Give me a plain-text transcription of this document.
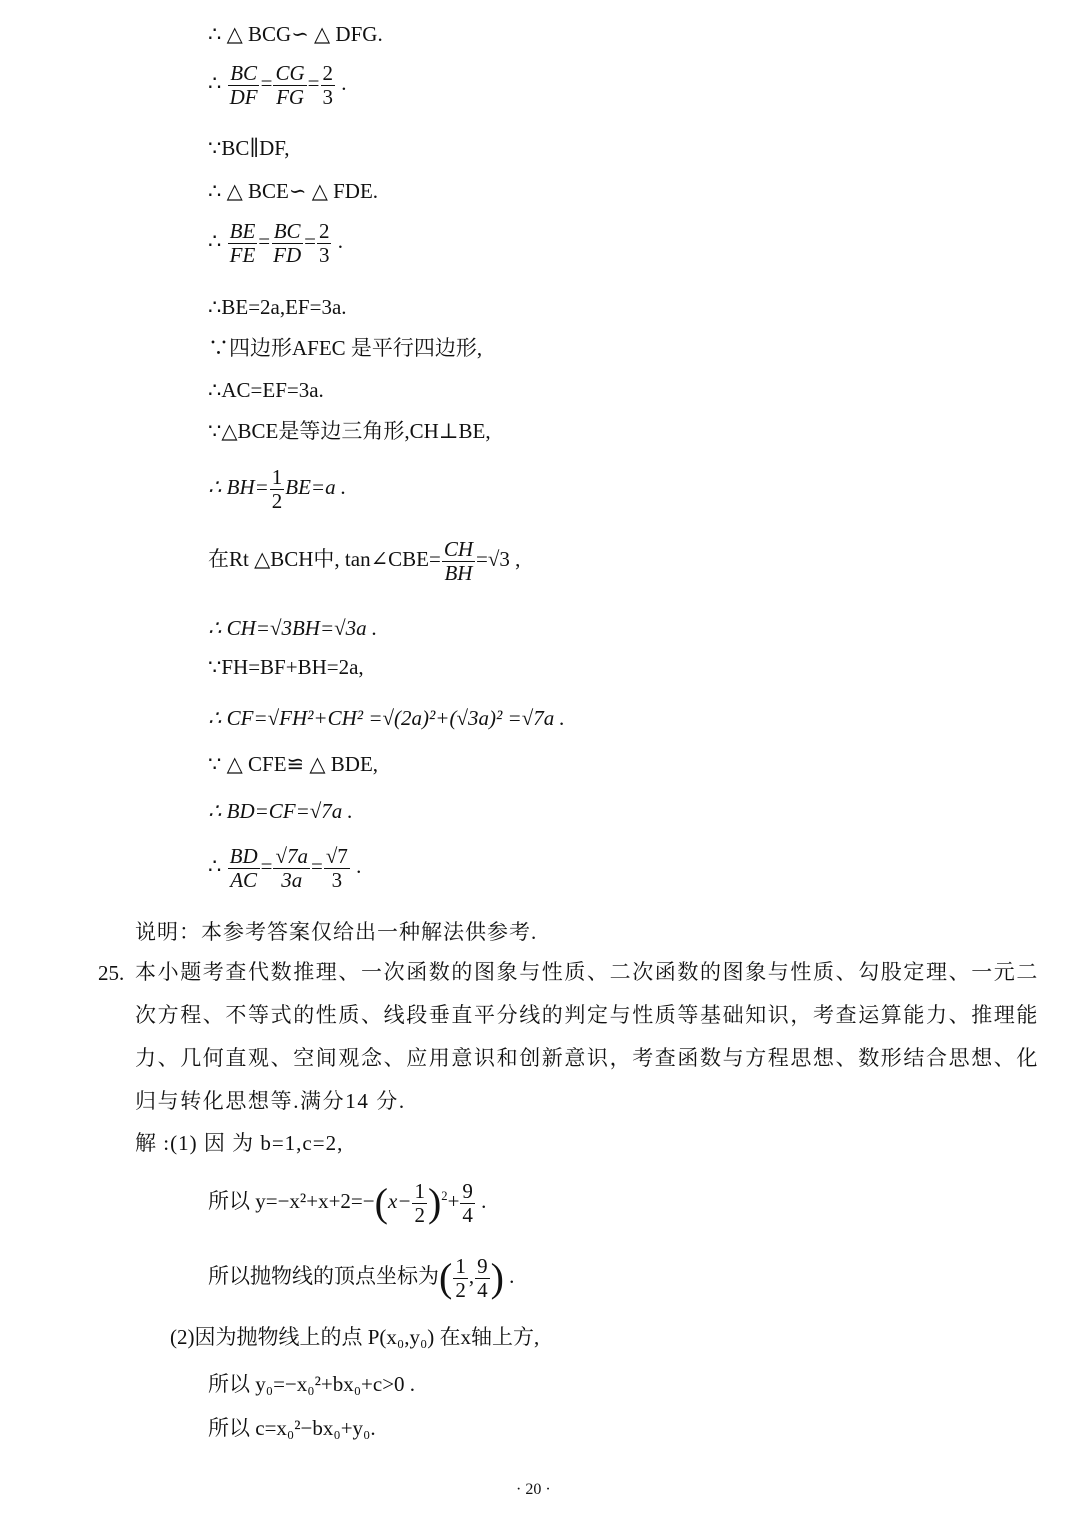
∴ △ BCG∽ △ DFG.
∴ $\frac{BC}{DF} = \frac{CG}{FG} = \frac{2}{3}$ .
∵BC∥DF,
∴ △ BCE∽ △ FDE.
∴ $\frac{BE}{FE} = \frac{BC}{FD} = \frac{2}{3}$ .
∴BE=2a,EF=3a.
∵四边形AFEC 是平行四边形,
∴AC=EF=3a.
∵△BCE是等边三角形,CH⊥BE,
∴ $BH= \frac{1}{2} BE=a$ .
在Rt △BCH中, tan∠CBE= $\frac{CH}{BH} =√3$ ,
∴ CH=√3BH=√3a .
∵FH=BF+BH=2a,
∴ CF=√FH²+CH² =√(2a)²+(√3a)² =√7a .
∵ △ CFE≌ △ BDE,
∴ BD=CF=√7a .
∴ $\frac{BD}{AC} = \frac{√7a}{3a} = \frac{√7}{3}$ .
说明：本参考答案仅给出一种解法供参考.
25. 本小题考查代数推理、一次函数的图象与性质、二次函数的图象与性质、勾股定理、一元二次方程、不等式的性质、线段垂直平分线的判定与性质等基础知识，考查运算能力、推理能力、几何直观、空间观念、应用意识和创新意识，考查函数与方程思想、数形结合思想、化归与转化思想等.满分14 分.
解 :(1) 因 为 b=1,c=2,
所以 $y=-x^2+x+2=-(x- \frac{1}{2} )^2+ \frac{9}{4}$ .
所以抛物线的顶点坐标为( $\frac{1}{2}$ , $\frac{9}{4}$ ) .
(2)因为抛物线上的点 P(x₀,y₀) 在x轴上方,
所以 y₀=−x₀²+bx₀+c>0 .
所以 c=x₀²−bx₀+y₀.
· 20 ·
